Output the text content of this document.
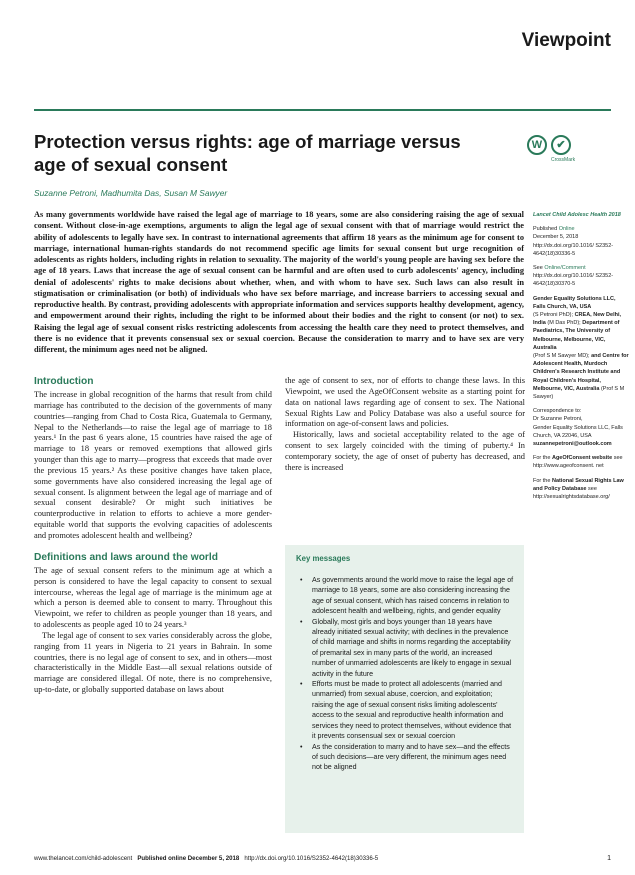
Viewpoint
Protection versus rights: age of marriage versus age of sexual consent
W	✔
CrossMark
Suzanne Petroni, Madhumita Das, Susan M Sawyer

As many governments worldwide have raised the legal age of marriage to 18 years, some are also considering raising the age of sexual consent. Without close-in-age exemptions, arguments to align the legal age of sexual consent with that of marriage would restrict the ability of adolescents to legally have sex. In contrast to international agreements that affirm 18 years as the minimum age for consent to marriage, international human-rights standards do not recommend specific age limits for sexual consent but urge recognition of adolescents as rights holders, including rights in relation to sexuality. The majority of the world's young people are having sex before the age of 18 years. Laws that increase the age of sexual consent can be harmful and are often used to curb adolescents' agency, including denial of adolescents' rights to make decisions about whether, when, and with whom to have sex. Such laws can also result in stigmatisation or criminalisation (or both) of individuals who have sex before marriage, and increase barriers to accessing sexual and reproductive health. By contrast, providing adolescents with appropriate information and services supports healthy development, agency, and empowerment around their rights, including the right to be informed about their bodies and the right to consent (or not) to sex. Raising the legal age of sexual consent risks restricting adolescents from accessing the health care they need to protect themselves, and there is no evidence that it prevents consensual sex or sexual coercion. Because the consideration to marry and to have sex are very different, the minimum ages need not be aligned.

Lancet Child Adolesc Health 2018
Published Online
December 5, 2018
http://dx.doi.org/10.1016/ S2352-4642(18)30336-5
See Online/Comment
http://dx.doi.org/10.1016/ S2352-4642(18)30370-5
Gender Equality Solutions LLC, Falls Church, VA, USA
(S Petroni PhD); CREA, New Delhi, India (M Das PhD); Department of Paediatrics, The University of Melbourne, Melbourne, VIC, Australia
(Prof S M Sawyer MD); and Centre for Adolescent Health, Murdoch Children's Research Institute and Royal Children's Hospital, Melbourne, VIC, Australia (Prof S M Sawyer)
Correspondence to:
Dr Suzanne Petroni,
Gender Equality Solutions LLC, Falls Church, VA 22046, USA
suzannepetroni@outlook.com
For the AgeOfConsent website see http://www.ageofconsent. net
For the National Sexual Rights Law and Policy Database see http://sexualrightsdatabase.org/
Introduction

The increase in global recognition of the harms that result from child marriage has contributed to the decision of the governments of many countries—ranging from Chad to Costa Rica, Guatemala to Germany, Nepal to the Netherlands—to raise the legal age of marriage to 18 years.¹ In the past 6 years alone, 15 countries have raised the age of marriage to 18 years or removed exemptions that allowed girls younger than this age to marry—progress that exceeds that made over the previous 15 years.² As these positive changes have taken place, some governments have also considered increasing the legal age of sexual consent. Is alignment between the legal age of marriage and of sexual consent desirable? Or might such initiatives be counterproductive in relation to efforts to achieve a more gender-equitable world that supports the evolving capacities of adolescents and promotes adolescent health and wellbeing?

Definitions and laws around the world

The age of sexual consent refers to the minimum age at which a person is considered to have the legal capacity to consent to sexual intercourse, whereas the legal age of marriage is the minimum age at which a person is deemed able to consent to marry. Throughout this Viewpoint, we refer to children as people younger than 18 years, and to adolescents as people aged 10 to 24 years.³

The legal age of consent to sex varies considerably across the globe, ranging from 11 years in Nigeria to 21 years in Bahrain. In some countries, there is no legal age of consent to sex, and in others—most characteristically in the Middle East—all sexual relations outside of marriage are considered illegal. Of note, there is no comprehensive, up-to-date, or globally supported database on laws about

the age of consent to sex, nor of efforts to change these laws. In this Viewpoint, we used the AgeOfConsent website as a starting point for data on national laws regarding age of consent to sex. The National Sexual Rights Law and Policy Database was also a useful source for information on age-of-consent laws and policies.

Historically, laws and societal acceptability related to the age of consent to sex largely coincided with the timing of puberty.⁴ In contemporary society, the age of onset of puberty has decreased, and there is increased

Key messages
• As governments around the world move to raise the legal age of marriage to 18 years, some are also considering increasing the age of sexual consent, which has raised concerns in relation to adolescent health and wellbeing, rights, and gender equality
• Globally, most girls and boys younger than 18 years have already initiated sexual activity; with declines in the prevalence of child marriage and shifts in norms regarding the acceptability of premarital sex in many parts of the world, an increased number of unmarried adolescents are likely to engage in sexual activity in the future
• Efforts must be made to protect all adolescents (married and unmarried) from sexual abuse, coercion, and exploitation; raising the age of sexual consent risks limiting adolescents' access to the sexual and reproductive health information and services they need to protect themselves, without evidence that it prevents consensual sex or sexual coercion
• As the consideration to marry and to have sex—and the effects of such decisions—are very different, the minimum ages need not be aligned
www.thelancet.com/child-adolescent Published online December 5, 2018 http://dx.doi.org/10.1016/S2352-4642(18)30336-5	1
